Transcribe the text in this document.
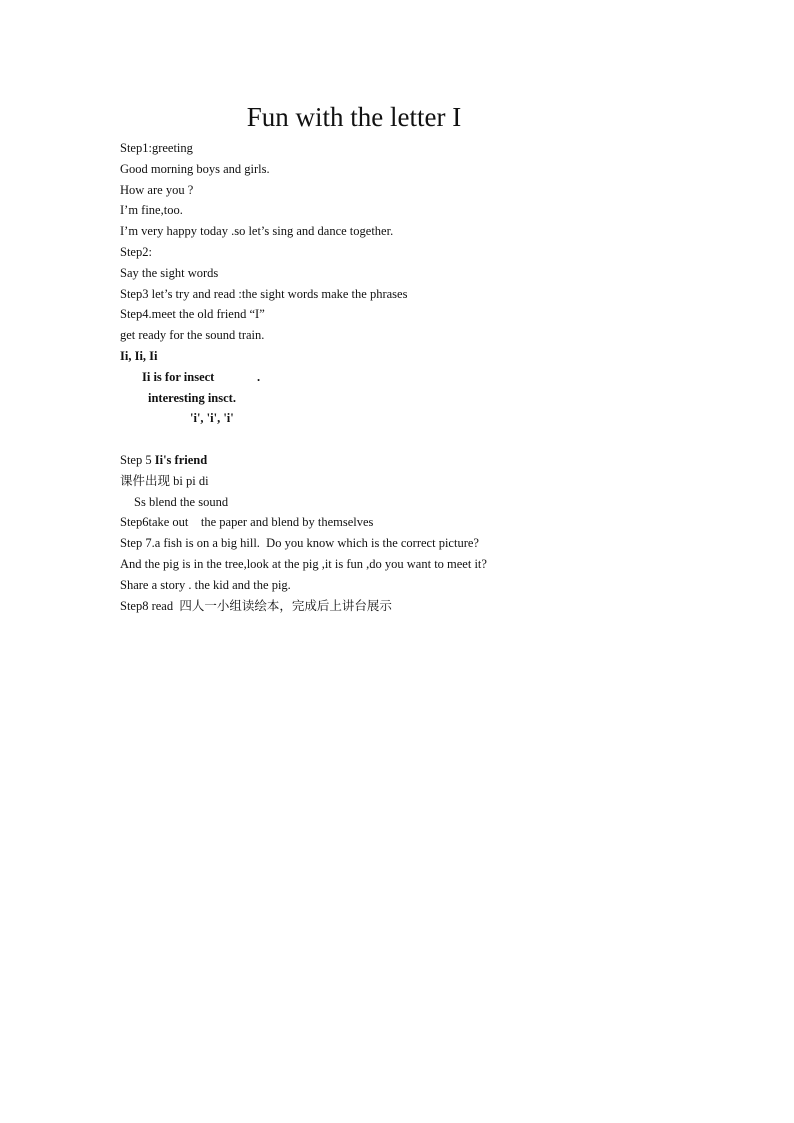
Fun with the letter I
Step1:greeting
Good morning boys and girls.
How are you ?
I’m fine,too.
I’m very happy today .so let’s sing and dance together.
Step2:
Say the sight words
Step3 let’s try and read :the sight words make the phrases
Step4.meet the old friend “I”
get ready for the sound train.
Ii, Ii, Ii
Ii is for insect	.
interesting insct.
'i', 'i', 'i'
Step 5 Ii's friend
课件出现 bi pi di
Ss blend the sound
Step6take out    the paper and blend by themselves
Step 7.a fish is on a big hill.  Do you know which is the correct picture?
And the pig is in the tree,look at the pig ,it is fun ,do you want to meet it?
Share a story . the kid and the pig.
Step8 read  四人一小组读绘本，完成后上讲台展示
